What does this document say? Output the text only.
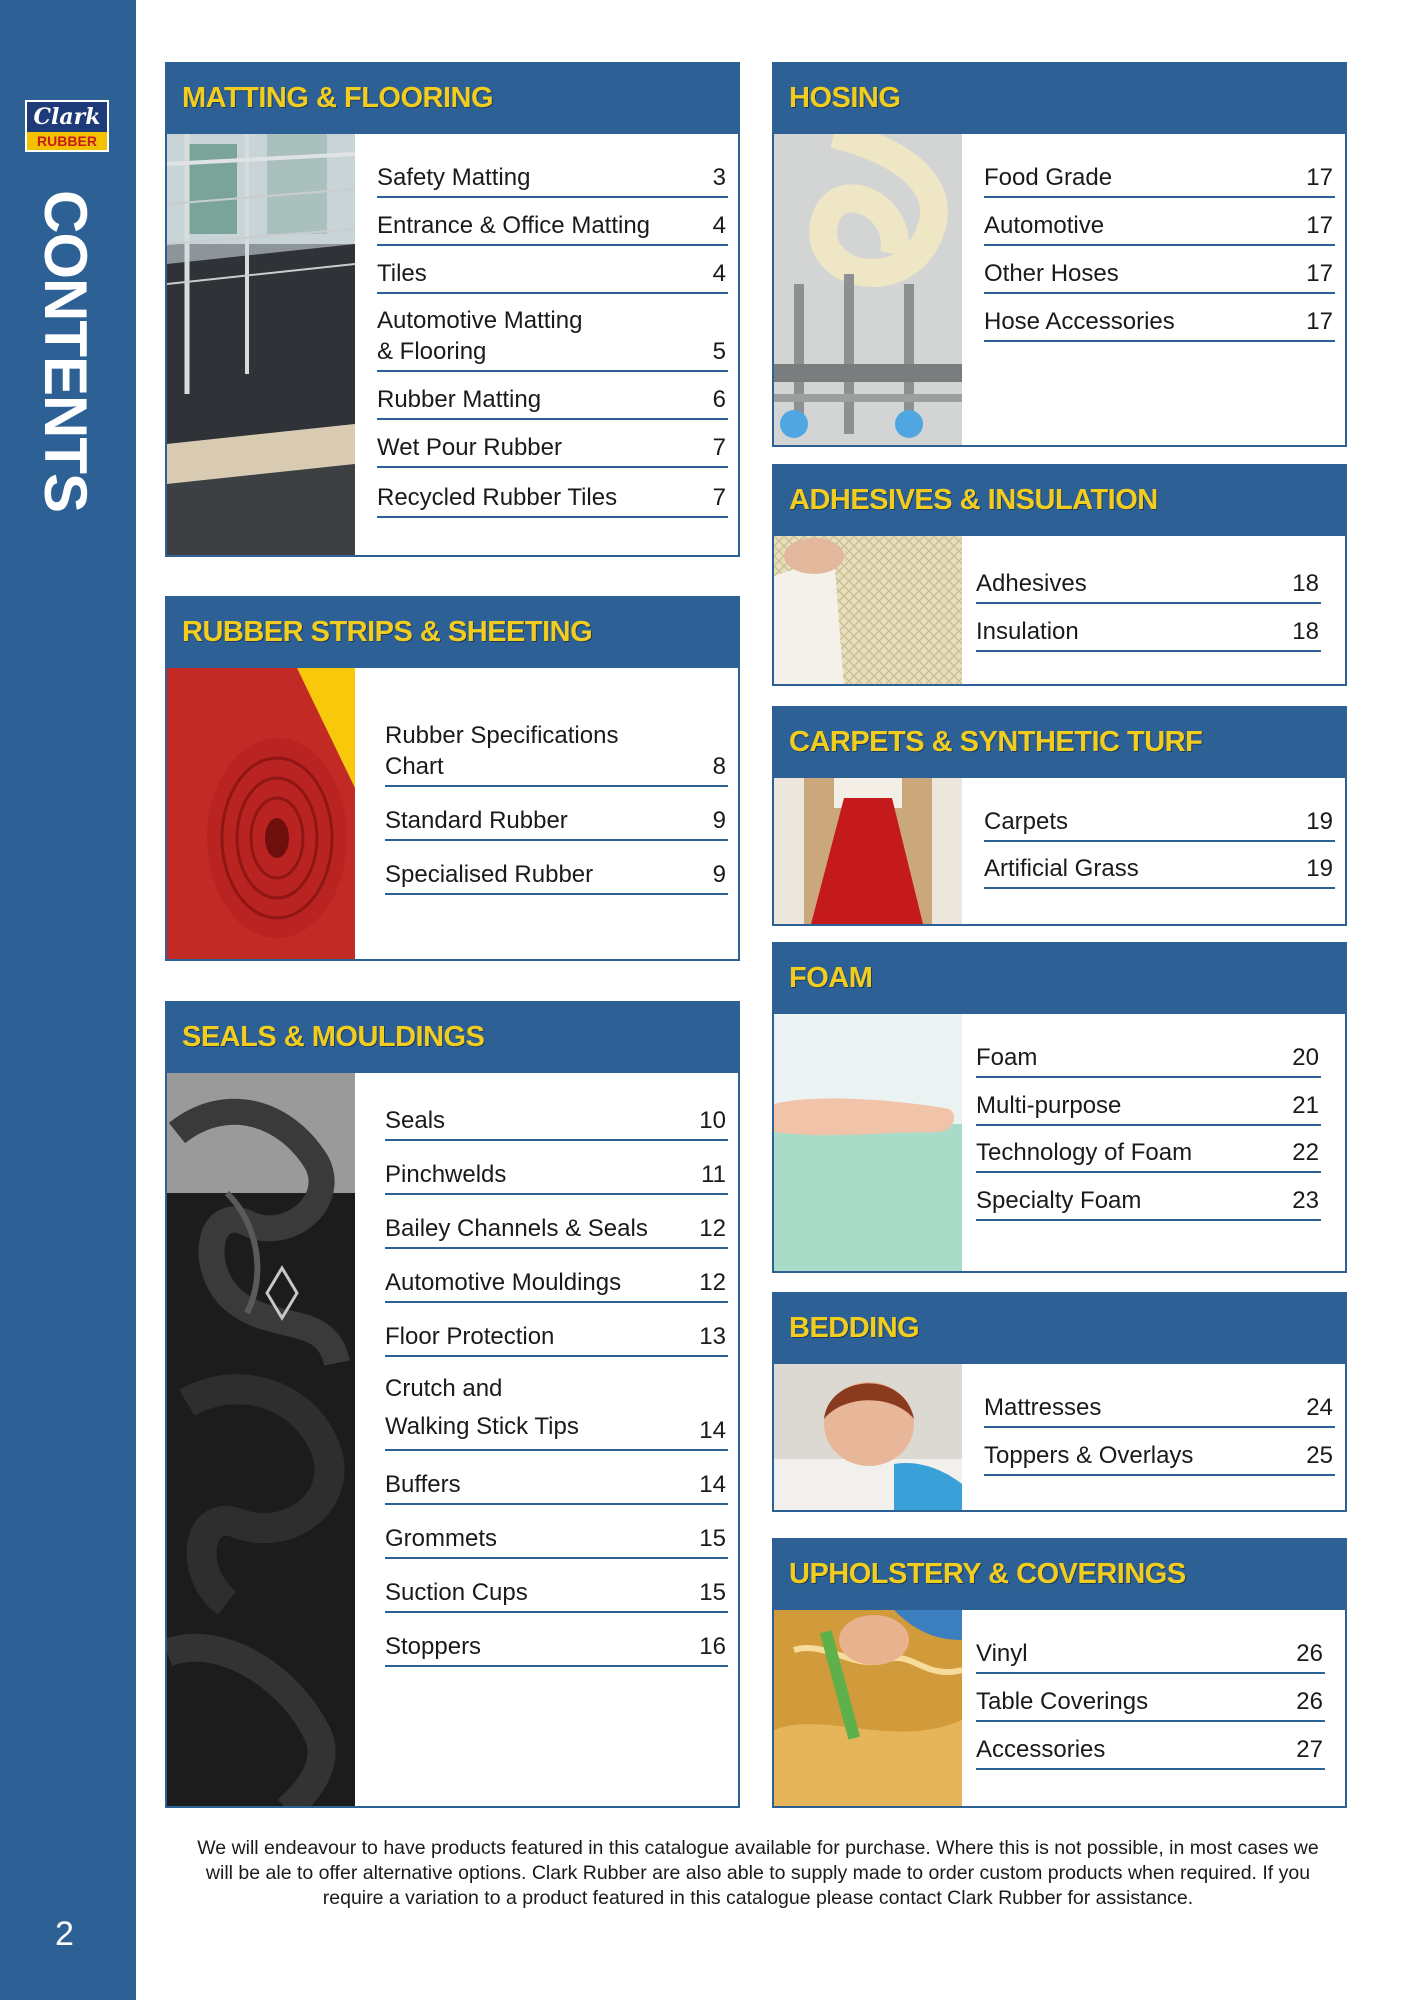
Clark
RUBBER
CONTENTS
2
MATTING & FLOORING
Safety Matting	3
Entrance & Office Matting	4
Tiles	4
Automotive Matting
& Flooring	5
Rubber Matting	6
Wet Pour Rubber	7
Recycled Rubber Tiles	7
RUBBER STRIPS & SHEETING
Rubber Specifications
Chart	8
Standard Rubber	9
Specialised Rubber	9
SEALS & MOULDINGS
Seals	10
Pinchwelds	11
Bailey Channels & Seals 12
Automotive Mouldings	12
Floor Protection	13
Crutch and
Walking Stick Tips	14
Buffers	14
Grommets	15
Suction Cups	15
Stoppers	16
HOSING
Food Grade	17
Automotive	17
Other Hoses	17
Hose Accessories	17
ADHESIVES & INSULATION
Adhesives	18
Insulation	18
CARPETS & SYNTHETIC TURF
Carpets	19
Artificial Grass	19
FOAM
Foam	20
Multi-purpose	21
Technology of Foam	22
Specialty Foam	23
BEDDING
Mattresses	24
Toppers & Overlays	25
UPHOLSTERY & COVERINGS
Vinyl	26
Table Coverings	26
Accessories	27
We will endeavour to have products featured in this catalogue available for purchase. Where this is not possible, in most cases we
will be ale to offer alternative options. Clark Rubber are also able to supply made to order custom products when required. If you
require a variation to a product featured in this catalogue please contact Clark Rubber for assistance.
